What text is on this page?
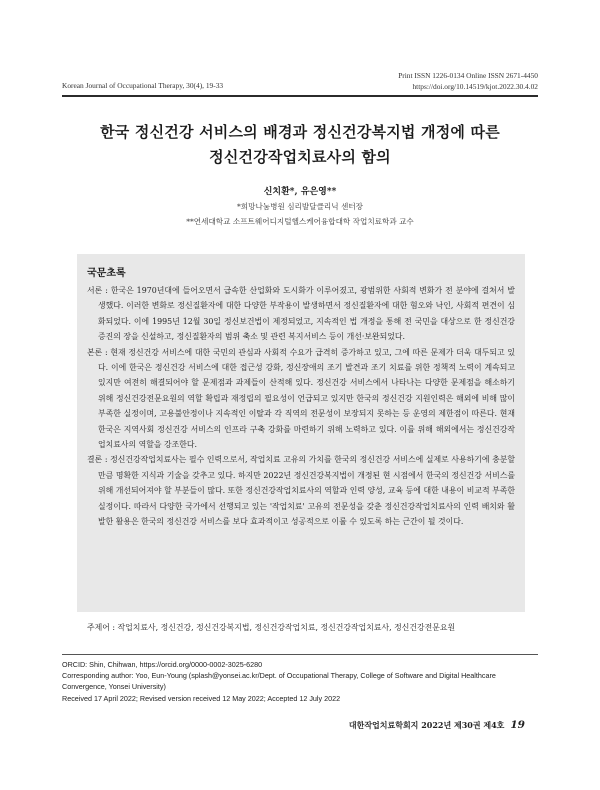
Korean Journal of Occupational Therapy, 30(4), 19-33
Print ISSN 1226-0134 Online ISSN 2671-4450
https://doi.org/10.14519/kjot.2022.30.4.02
한국 정신건강 서비스의 배경과 정신건강복지법 개정에 따른
정신건강작업치료사의 함의
신치환*, 유은영**
*희망나눔병원 심리발달클리닉 센터장
**연세대학교 소프트웨어디지털헬스케어융합대학 작업치료학과 교수
국문초록

서론 : 한국은 1970년대에 들어오면서 급속한 산업화와 도시화가 이루어졌고, 광범위한 사회적 변화가 전 분야에 걸쳐서 발생했다. 이러한 변화로 정신질환자에 대한 다양한 부작용이 발생하면서 정신질환자에 대한 혐오와 낙인, 사회적 편견이 심화되었다. 이에 1995년 12월 30일 정신보건법이 제정되었고, 지속적인 법 개정을 통해 전 국민을 대상으로 한 정신건강 증진의 장을 신설하고, 정신질환자의 범위 축소 및 관련 복지서비스 등이 개선·보완되었다.

본론 : 현재 정신건강 서비스에 대한 국민의 관심과 사회적 수요가 급격히 증가하고 있고, 그에 따른 문제가 더욱 대두되고 있다. 이에 한국은 정신건강 서비스에 대한 접근성 강화, 정신장애의 조기 발견과 조기 치료를 위한 정책적 노력이 계속되고 있지만 여전히 해결되어야 할 문제점과 과제들이 산적해 있다. 정신건강 서비스에서 나타나는 다양한 문제점을 해소하기 위해 정신건강전문요원의 역할 확립과 재정립의 필요성이 언급되고 있지만 한국의 정신건강 지원인력은 해외에 비해 많이 부족한 실정이며, 고용불안정이나 지속적인 이탈과 각 직역의 전문성이 보장되지 못하는 등 운영의 제한점이 따른다. 현재 한국은 지역사회 정신건강 서비스의 인프라 구축 강화를 마련하기 위해 노력하고 있다. 이를 위해 해외에서는 정신건강작업치료사의 역할을 강조한다.

결론 : 정신건강작업치료사는 필수 인력으로서, 작업치료 고유의 가치를 한국의 정신건강 서비스에 실제로 사용하기에 충분할 만큼 명확한 지식과 기술을 갖추고 있다. 하지만 2022년 정신건강복지법이 개정된 현 시점에서 한국의 정신건강 서비스를 위해 개선되어져야 할 부분들이 많다. 또한 정신건강작업치료사의 역할과 인력 양성, 교육 등에 대한 내용이 비교적 부족한 실정이다. 따라서 다양한 국가에서 선행되고 있는 '작업치료' 고유의 전문성을 갖춘 정신건강작업치료사의 인력 배치와 활발한 활용은 한국의 정신건강 서비스를 보다 효과적이고 성공적으로 이룰 수 있도록 하는 근간이 될 것이다.

주제어 : 작업치료사, 정신건강, 정신건강복지법, 정신건강작업치료, 정신건강작업치료사, 정신건강전문요원
ORCID: Shin, Chihwan, https://orcid.org/0000-0002-3025-6280
Corresponding author: Yoo, Eun-Young (splash@yonsei.ac.kr/Dept. of Occupational Therapy, College of Software and Digital Healthcare Convergence, Yonsei University)
Received 17 April 2022; Revised version received 12 May 2022; Accepted 12 July 2022
대한작업치료학회지 2022년 제30권 제4호 19
